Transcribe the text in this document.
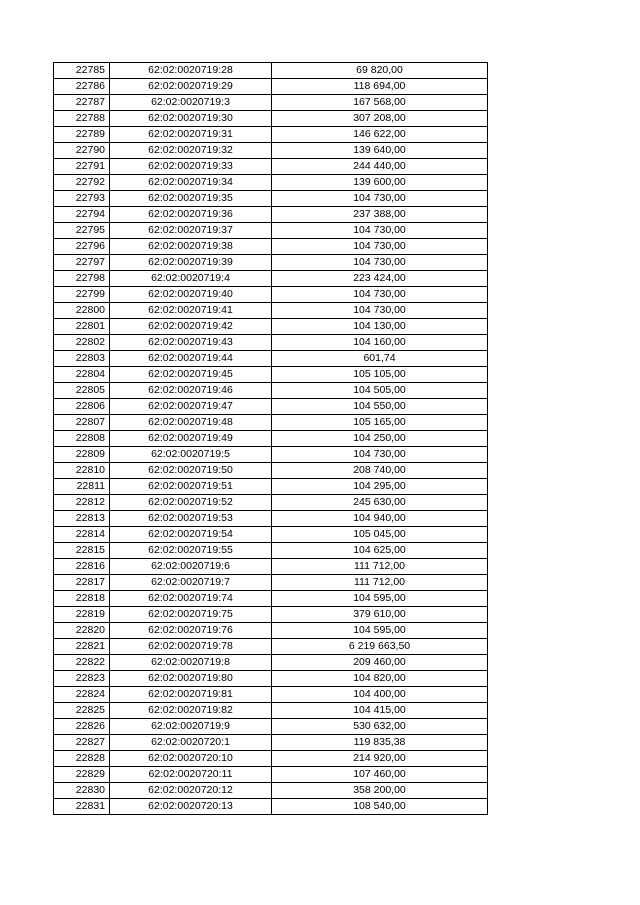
22785	62:02:0020719:28	69 820,00
22786	62:02:0020719:29	118 694,00
22787	62:02:0020719:3	167 568,00
22788	62:02:0020719:30	307 208,00
22789	62:02:0020719:31	146 622,00
22790	62:02:0020719:32	139 640,00
22791	62:02:0020719:33	244 440,00
22792	62:02:0020719:34	139 600,00
22793	62:02:0020719:35	104 730,00
22794	62:02:0020719:36	237 388,00
22795	62:02:0020719:37	104 730,00
22796	62:02:0020719:38	104 730,00
22797	62:02:0020719:39	104 730,00
22798	62:02:0020719:4	223 424,00
22799	62:02:0020719:40	104 730,00
22800	62:02:0020719:41	104 730,00
22801	62:02:0020719:42	104 130,00
22802	62:02:0020719:43	104 160,00
22803	62:02:0020719:44	601,74
22804	62:02:0020719:45	105 105,00
22805	62:02:0020719:46	104 505,00
22806	62:02:0020719:47	104 550,00
22807	62:02:0020719:48	105 165,00
22808	62:02:0020719:49	104 250,00
22809	62:02:0020719:5	104 730,00
22810	62:02:0020719:50	208 740,00
22811	62:02:0020719:51	104 295,00
22812	62:02:0020719:52	245 630,00
22813	62:02:0020719:53	104 940,00
22814	62:02:0020719:54	105 045,00
22815	62:02:0020719:55	104 625,00
22816	62:02:0020719:6	111 712,00
22817	62:02:0020719:7	111 712,00
22818	62:02:0020719:74	104 595,00
22819	62:02:0020719:75	379 610,00
22820	62:02:0020719:76	104 595,00
22821	62:02:0020719:78	6 219 663,50
22822	62:02:0020719:8	209 460,00
22823	62:02:0020719:80	104 820,00
22824	62:02:0020719:81	104 400,00
22825	62:02:0020719:82	104 415,00
22826	62:02:0020719:9	530 632,00
22827	62:02:0020720:1	119 835,38
22828	62:02:0020720:10	214 920,00
22829	62:02:0020720:11	107 460,00
22830	62:02:0020720:12	358 200,00
22831	62:02:0020720:13	108 540,00
